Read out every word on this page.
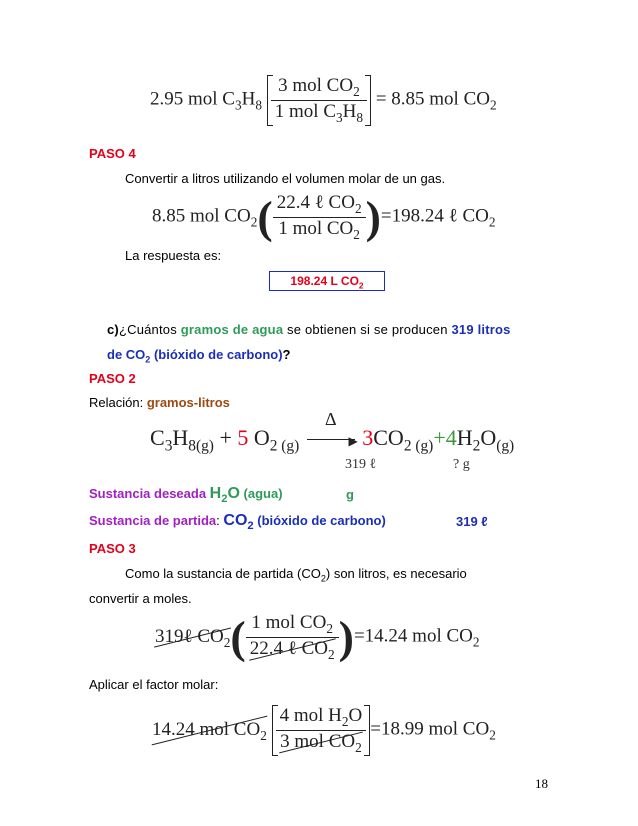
2.95 mol $C_3H_8 \frac{3 mol CO_2}{1 mol C_3H_8} = 8.85$ mol $CO_2$
PASO 4
Convertir a litros utilizando el volumen molar de un gas.
8.85 mol $CO_2( \frac{22.4 \ell CO_2}{1 mol CO_2} )=198.24$ ℓ $CO_2$
La respuesta es:
198.24 L $CO_2$
c)¿Cuántos gramos de agua se obtienen si se producen 319 litros
de $CO_2$ (bióxido de carbono)?
PASO 2
Relación: gramos-litros
$C_3H_{8(g)} + 5$ $O_{2 (g)}$
Δ
▶ $3CO_{2 (g)}+4H_2O_{(g)}$
319 ℓ	? g
Sustancia deseada $H_2O$ (agua)	g
Sustancia de partida: $CO_2$ (bióxido de carbono)	319 ℓ
PASO 3
Como la sustancia de partida $(CO_2)$ son litros, es necesario
convertir a moles.
319ℓ $CO_2( \frac{1 mol CO_2}{22.4 \ell CO_2} )=14.24$ mol $CO_2$
Aplicar el factor molar:
14.24 mol $CO_2 \frac{4 mol H_2O}{3 mol CO_2} =18.99$ mol $CO_2$
18
